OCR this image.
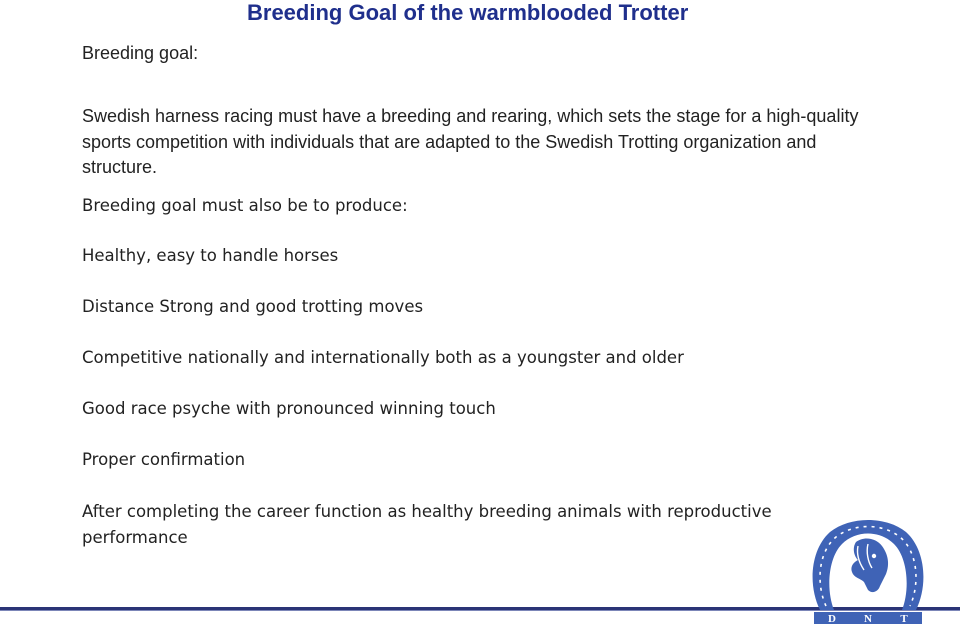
Breeding Goal of the warmblooded Trotter
Breeding goal:
Swedish harness racing must have a breeding and rearing, which sets the stage for a high-quality sports competition with individuals that are adapted to the Swedish Trotting organization and structure.
Breeding goal must also be to produce:
Healthy, easy to handle horses
Distance Strong and good trotting moves
Competitive nationally and internationally both as a youngster and older
Good race psyche with pronounced winning touch
Proper confirmation
After completing the career function as healthy breeding animals with reproductive performance
D	N	T
